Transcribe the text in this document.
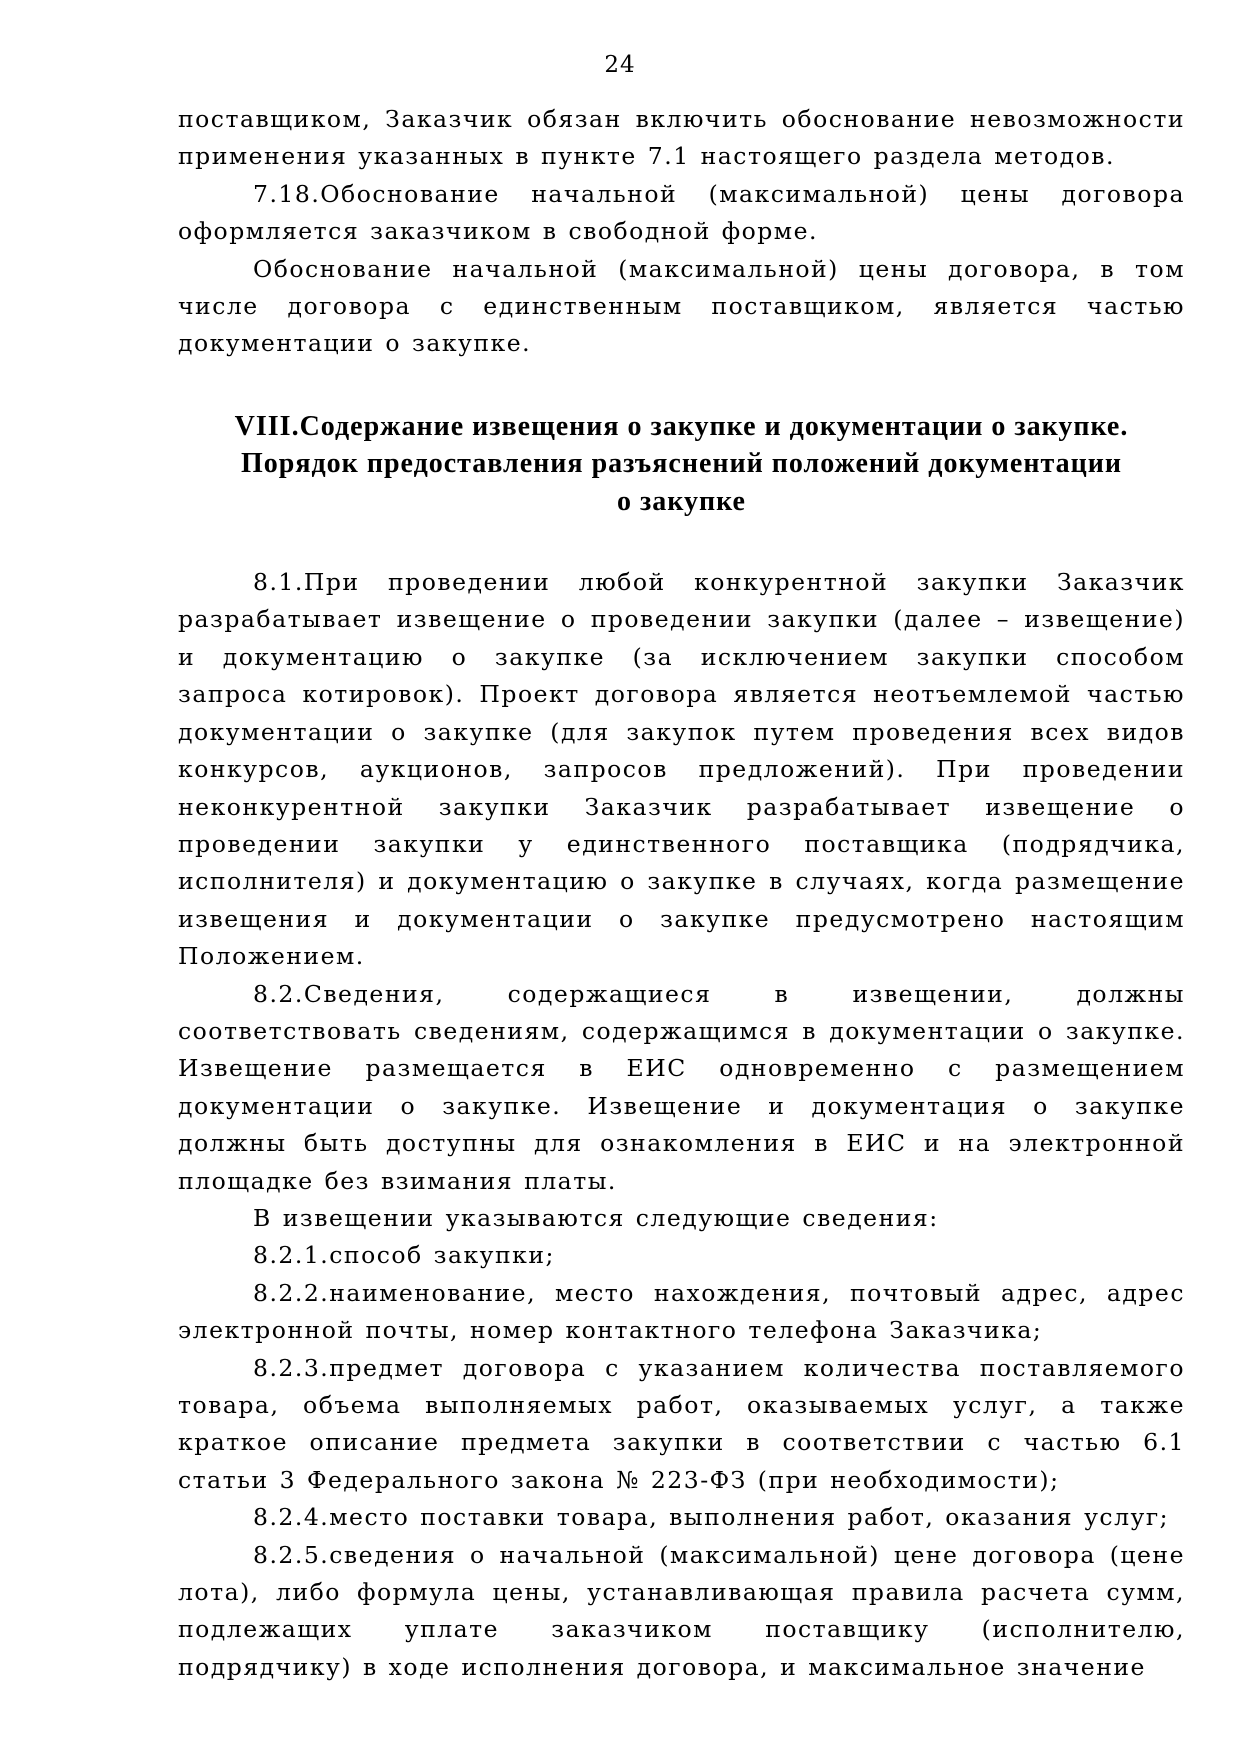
24

поставщиком, Заказчик обязан включить обоснование невозможности применения указанных в пункте 7.1 настоящего раздела методов.

7.18.Обоснование начальной (максимальной) цены договора оформляется заказчиком в свободной форме.

Обоснование начальной (максимальной) цены договора, в том числе договора с единственным поставщиком, является частью документации о закупке.

VIII.Содержание извещения о закупке и документации о закупке.
Порядок предоставления разъяснений положений документации
о закупке

8.1.При проведении любой конкурентной закупки Заказчик разрабатывает извещение о проведении закупки (далее – извещение) и документацию о закупке (за исключением закупки способом запроса котировок). Проект договора является неотъемлемой частью документации о закупке (для закупок путем проведения всех видов конкурсов, аукционов, запросов предложений). При проведении неконкурентной закупки Заказчик разрабатывает извещение о проведении закупки у единственного поставщика (подрядчика, исполнителя) и документацию о закупке в случаях, когда размещение извещения и документации о закупке предусмотрено настоящим Положением.

8.2.Сведения, содержащиеся в извещении, должны соответствовать сведениям, содержащимся в документации о закупке. Извещение размещается в ЕИС одновременно с размещением документации о закупке. Извещение и документация о закупке должны быть доступны для ознакомления в ЕИС и на электронной площадке без взимания платы.

В извещении указываются следующие сведения:

8.2.1.способ закупки;

8.2.2.наименование, место нахождения, почтовый адрес, адрес электронной почты, номер контактного телефона Заказчика;

8.2.3.предмет договора с указанием количества поставляемого товара, объема выполняемых работ, оказываемых услуг, а также краткое описание предмета закупки в соответствии с частью 6.1 статьи 3 Федерального закона № 223-ФЗ (при необходимости);

8.2.4.место поставки товара, выполнения работ, оказания услуг;

8.2.5.сведения о начальной (максимальной) цене договора (цене лота), либо формула цены, устанавливающая правила расчета сумм, подлежащих уплате заказчиком поставщику (исполнителю, подрядчику) в ходе исполнения договора, и максимальное значение
